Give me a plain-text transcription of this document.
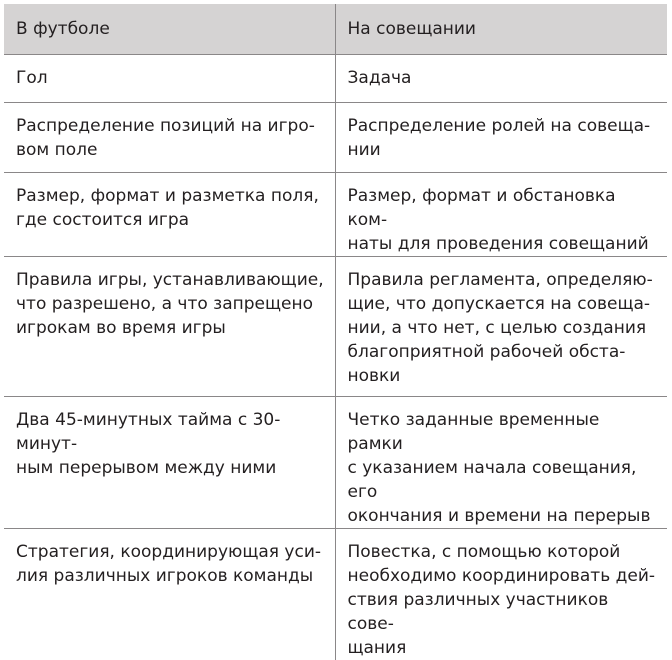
В футболе	На совещании

Гол	Задача

Распределение позиций на игро-
вом поле	Распределение ролей на совеща-
нии

Размер, формат и разметка поля,
где состоится игра	Размер, формат и обстановка ком-
наты для проведения совещаний

Правила игры, устанавливающие,
что разрешено, а что запрещено
игрокам во время игры	Правила регламента, определяю-
щие, что допускается на совеща-
нии, а что нет, с целью создания
благоприятной рабочей обста-
новки

Два 45-минутных тайма с 30-минут-
ным перерывом между ними	Четко заданные временные рамки
с указанием начала совещания, его
окончания и времени на перерыв

Стратегия, координирующая уси-
лия различных игроков команды	Повестка, с помощью которой
необходимо координировать дей-
ствия различных участников сове-
щания
